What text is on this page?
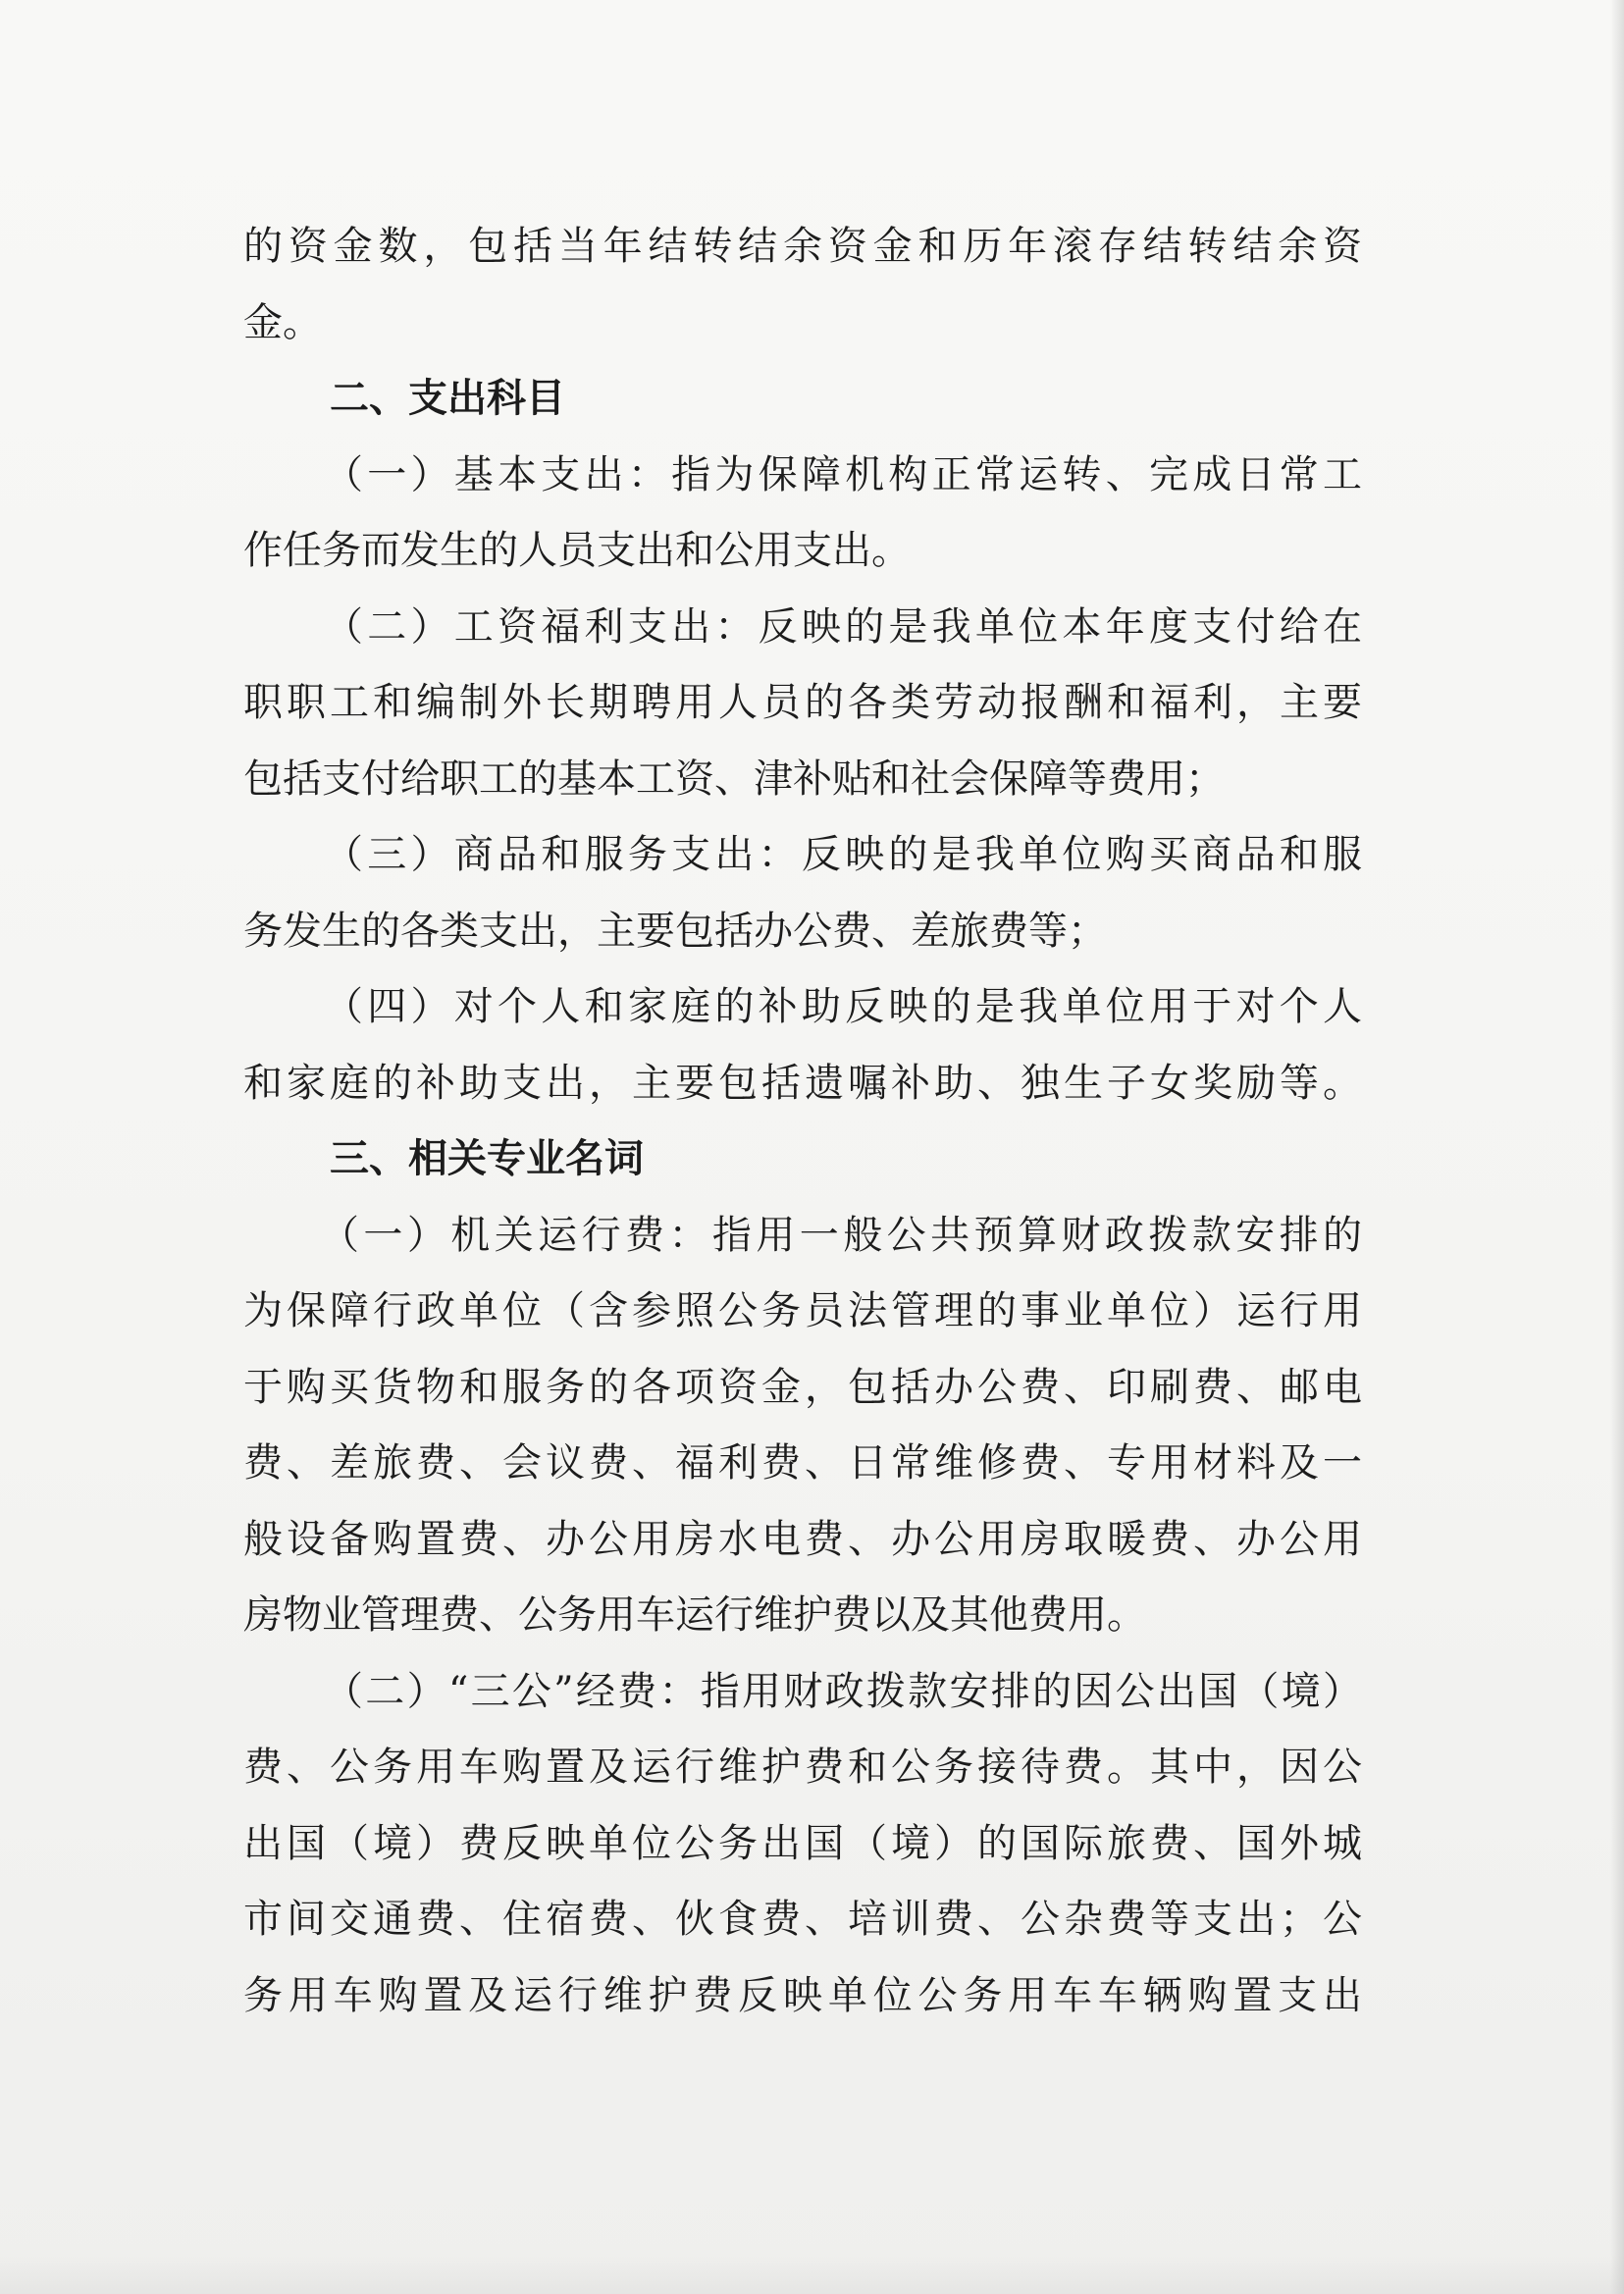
的资金数，包括当年结转结余资金和历年滚存结转结余资
金。
二、支出科目
（一）基本支出：指为保障机构正常运转、完成日常工
作任务而发生的人员支出和公用支出。
（二）工资福利支出：反映的是我单位本年度支付给在
职职工和编制外长期聘用人员的各类劳动报酬和福利，主要
包括支付给职工的基本工资、津补贴和社会保障等费用；
（三）商品和服务支出：反映的是我单位购买商品和服
务发生的各类支出，主要包括办公费、差旅费等；
（四）对个人和家庭的补助反映的是我单位用于对个人
和家庭的补助支出，主要包括遗嘱补助、独生子女奖励等。
三、相关专业名词
（一）机关运行费：指用一般公共预算财政拨款安排的
为保障行政单位（含参照公务员法管理的事业单位）运行用
于购买货物和服务的各项资金，包括办公费、印刷费、邮电
费、差旅费、会议费、福利费、日常维修费、专用材料及一
般设备购置费、办公用房水电费、办公用房取暖费、办公用
房物业管理费、公务用车运行维护费以及其他费用。
（二）“三公”经费：指用财政拨款安排的因公出国（境）
费、公务用车购置及运行维护费和公务接待费。其中，因公
出国（境）费反映单位公务出国（境）的国际旅费、国外城
市间交通费、住宿费、伙食费、培训费、公杂费等支出；公
务用车购置及运行维护费反映单位公务用车车辆购置支出
